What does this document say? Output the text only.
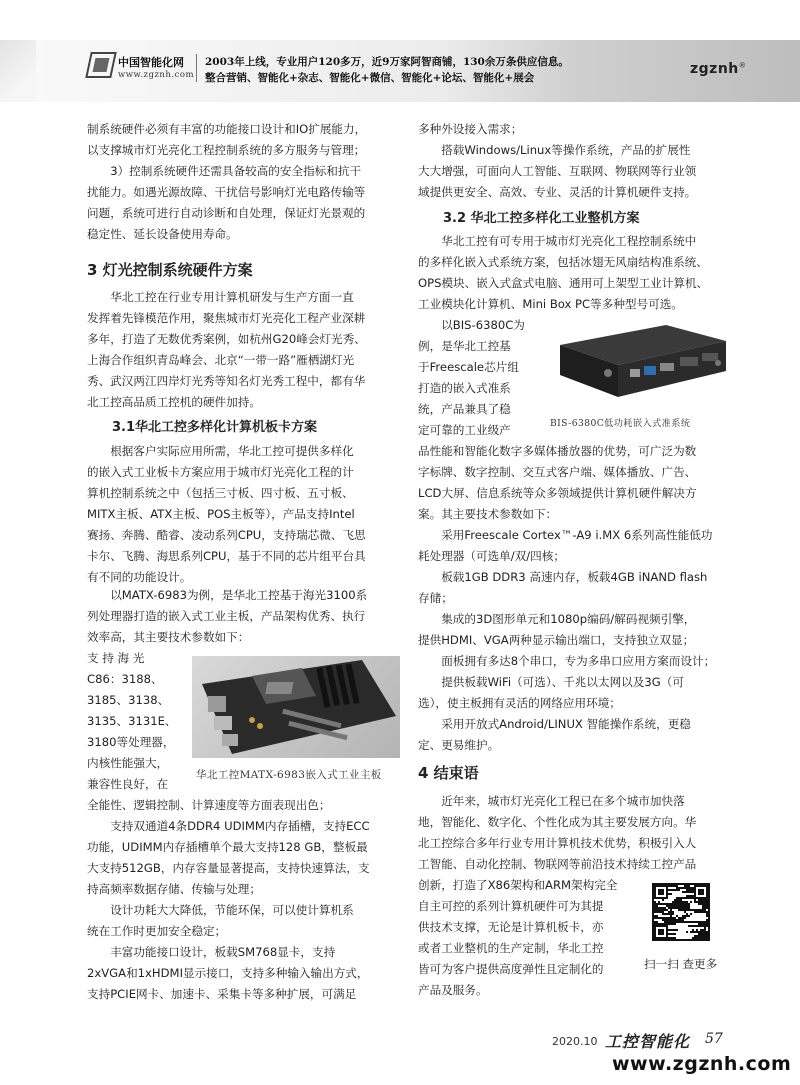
中国智能化网
www.zgznh.com
2003年上线，专业用户120多万，近9万家阿智商铺，130余万条供应信息。
整合营销、智能化+杂志、智能化+微信、智能化+论坛、智能化+展会
zgznh®
制系统硬件必须有丰富的功能接口设计和IO扩展能力，
以支撑城市灯光亮化工程控制系统的多方服务与管理；
3）控制系统硬件还需具备较高的安全指标和抗干
扰能力。如遇光源故障、干扰信号影响灯光电路传输等
问题，系统可进行自动诊断和自处理，保证灯光景观的
稳定性、延长设备使用寿命。
3 灯光控制系统硬件方案
华北工控在行业专用计算机研发与生产方面一直
发挥着先锋模范作用，聚焦城市灯光亮化工程产业深耕
多年，打造了无数优秀案例，如杭州G20峰会灯光秀、
上海合作组织青岛峰会、北京“一带一路”雁栖湖灯光
秀、武汉两江四岸灯光秀等知名灯光秀工程中，都有华
北工控高品质工控机的硬件加持。
3.1华北工控多样化计算机板卡方案
根据客户实际应用所需，华北工控可提供多样化
的嵌入式工业板卡方案应用于城市灯光亮化工程的计
算机控制系统之中（包括三寸板、四寸板、五寸板、
MITX主板、ATX主板、POS主板等），产品支持Intel
赛扬、奔腾、酷睿、凌动系列CPU，支持瑞芯微、飞思
卡尔、飞腾、海思系列CPU，基于不同的芯片组平台具
有不同的功能设计。
以MATX-6983为例，是华北工控基于海光3100系
列处理器打造的嵌入式工业主板，产品架构优秀、执行
效率高，其主要技术参数如下：
支 持 海 光
C86：3188、
3185、3138、
3135、3131E、
3180等处理器，
内核性能强大，
兼容性良好，在
华北工控MATX-6983嵌入式工业主板
全能性、逻辑控制、计算速度等方面表现出色；
支持双通道4条DDR4 UDIMM内存插槽，支持ECC
功能，UDIMM内存插槽单个最大支持128 GB，整板最
大支持512GB，内存容量显著提高，支持快速算法，支
持高频率数据存储、传输与处理；
设计功耗大大降低，节能环保，可以使计算机系
统在工作时更加安全稳定；
丰富功能接口设计，板载SM768显卡，支持
2xVGA和1xHDMI显示接口，支持多种输入输出方式，
支持PCIE网卡、加速卡、采集卡等多种扩展，可满足
多种外设接入需求；
搭载Windows/Linux等操作系统，产品的扩展性
大大增强，可面向人工智能、互联网、物联网等行业领
域提供更安全、高效、专业、灵活的计算机硬件支持。
3.2 华北工控多样化工业整机方案
华北工控有可专用于城市灯光亮化工程控制系统中
的多样化嵌入式系统方案，包括冰翅无风扇结构准系统、
OPS模块、嵌入式盒式电脑、通用可上架型工业计算机、
工业模块化计算机、Mini Box PC等多种型号可选。
以BIS-6380C为
例，是华北工控基
于Freescale芯片组
打造的嵌入式准系
统，产品兼具了稳
定可靠的工业级产	BIS-6380C低功耗嵌入式准系统
品性能和智能化数字多媒体播放器的优势，可广泛为数
字标牌、数字控制、交互式客户端、媒体播放、广告、
LCD大屏、信息系统等众多领域提供计算机硬件解决方
案。其主要技术参数如下：
采用Freescale Cortex™-A9 i.MX 6系列高性能低功
耗处理器（可选单/双/四核；
板载1GB DDR3 高速内存，板载4GB iNAND flash
存储；
集成的3D图形单元和1080p编码/解码视频引擎，
提供HDMI、VGA两种显示输出端口，支持独立双显；
面板拥有多达8个串口，专为多串口应用方案而设计；
提供板载WiFi（可选）、千兆以太网以及3G（可
选），使主板拥有灵活的网络应用环境；
采用开放式Android/LINUX 智能操作系统，更稳
定、更易维护。
4 结束语
近年来，城市灯光亮化工程已在多个城市加快落
地，智能化、数字化、个性化成为其主要发展方向。华
北工控综合多年行业专用计算机技术优势，积极引入人
工智能、自动化控制、物联网等前沿技术持续工控产品
创新，打造了X86架构和ARM架构完全
自主可控的系列计算机硬件可为其提
供技术支撑，无论是计算机板卡，亦
或者工业整机的生产定制，华北工控
皆可为客户提供高度弹性且定制化的
产品及服务。
扫一扫 查更多
2020.10 工控智能化 57
www.zgznh.com
